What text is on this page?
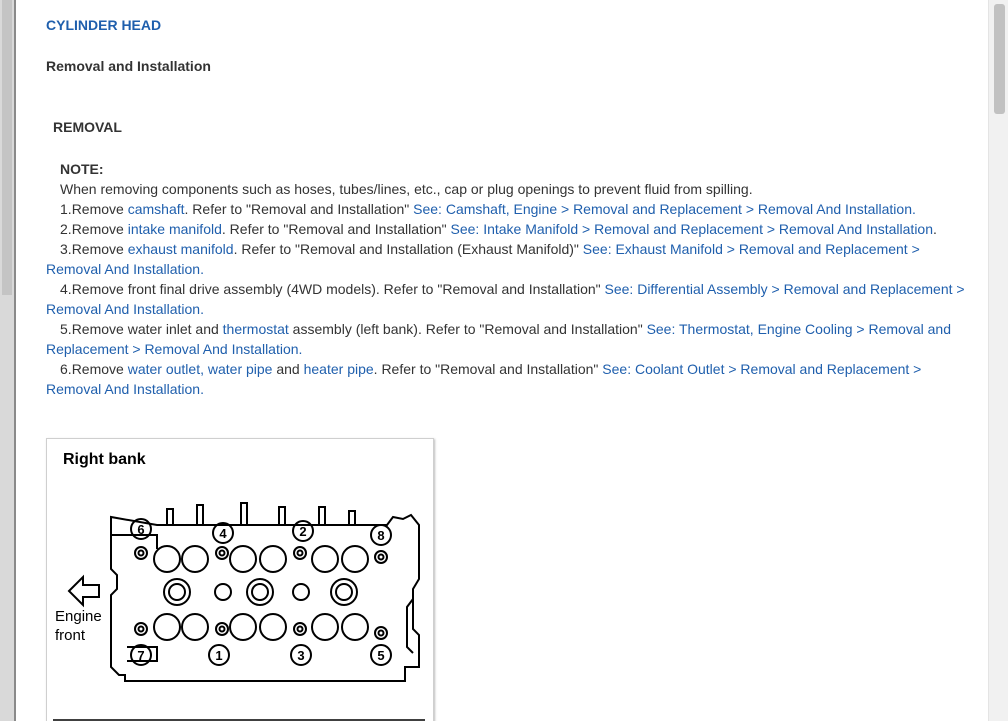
CYLINDER HEAD
Removal and Installation
REMOVAL

NOTE:

When removing components such as hoses, tubes/lines, etc., cap or plug openings to prevent fluid from spilling.

1.Remove camshaft. Refer to "Removal and Installation" See: Camshaft, Engine > Removal and Replacement > Removal And Installation.

2.Remove intake manifold. Refer to "Removal and Installation" See: Intake Manifold > Removal and Replacement > Removal And Installation.

3.Remove exhaust manifold. Refer to "Removal and Installation (Exhaust Manifold)" See: Exhaust Manifold > Removal and Replacement > Removal And Installation.

4.Remove front final drive assembly (4WD models). Refer to "Removal and Installation" See: Differential Assembly > Removal and Replacement > Removal And Installation.

5.Remove water inlet and thermostat assembly (left bank). Refer to "Removal and Installation" See: Thermostat, Engine Cooling > Removal and Replacement > Removal And Installation.

6.Remove water outlet, water pipe and heater pipe. Refer to "Removal and Installation" See: Coolant Outlet > Removal and Replacement > Removal And Installation.

Right bank
Engine
front
6	4	2	8
7	1	3	5
